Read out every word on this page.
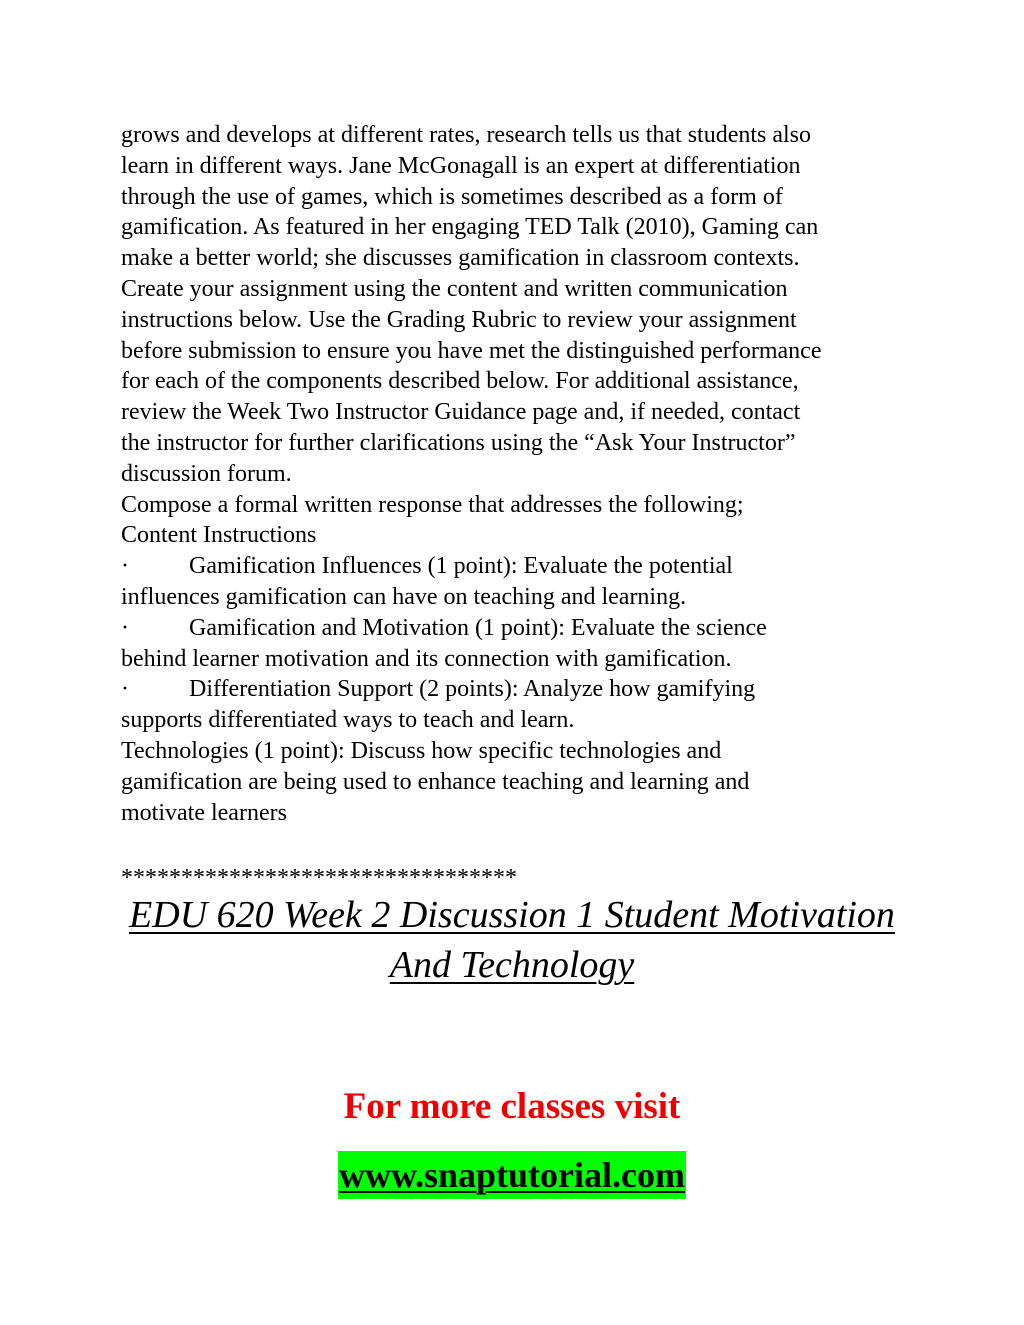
grows and develops at different rates, research tells us that students also
learn in different ways. Jane McGonagall is an expert at differentiation
through the use of games, which is sometimes described as a form of
gamification. As featured in her engaging TED Talk (2010), Gaming can
make a better world; she discusses gamification in classroom contexts.
Create your assignment using the content and written communication
instructions below. Use the Grading Rubric to review your assignment
before submission to ensure you have met the distinguished performance
for each of the components described below. For additional assistance,
review the Week Two Instructor Guidance page and, if needed, contact
the instructor for further clarifications using the “Ask Your Instructor”
discussion forum.
Compose a formal written response that addresses the following;
Content Instructions
·	Gamification Influences (1 point): Evaluate the potential
influences gamification can have on teaching and learning.
·	Gamification and Motivation (1 point): Evaluate the science
behind learner motivation and its connection with gamification.
·	Differentiation Support (2 points): Analyze how gamifying
supports differentiated ways to teach and learn.
Technologies (1 point): Discuss how specific technologies and
gamification are being used to enhance teaching and learning and
motivate learners
*********************************
EDU 620 Week 2 Discussion 1 Student Motivation
And Technology
For more classes visit
www.snaptutorial.com
